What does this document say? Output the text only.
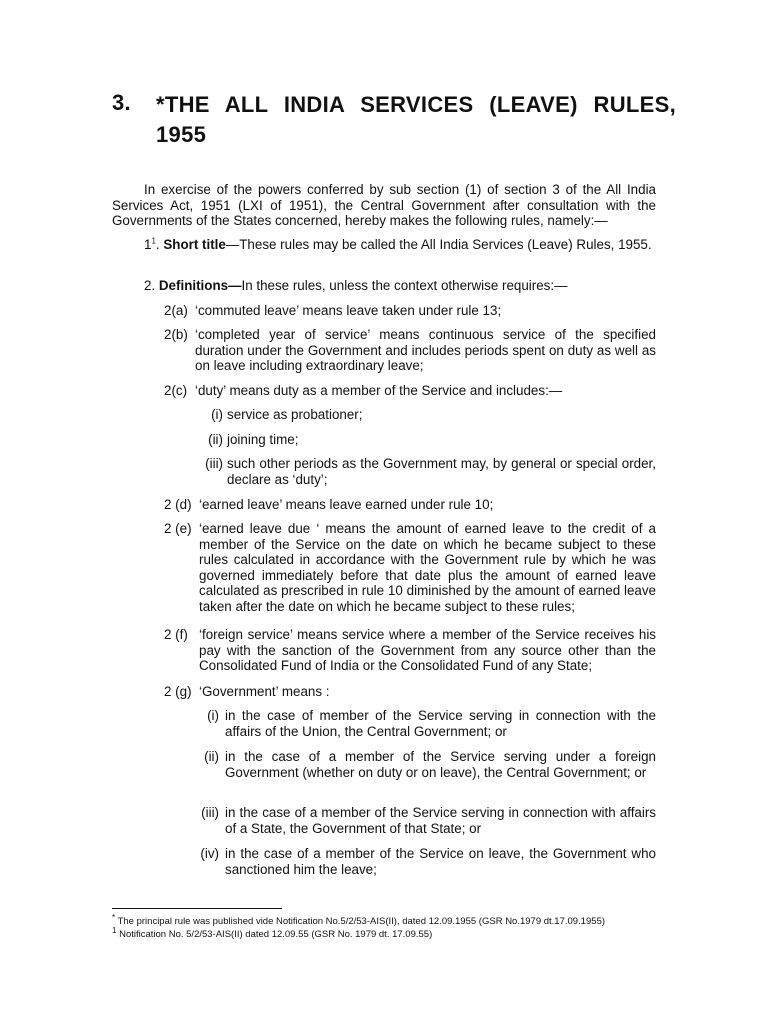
3. *THE ALL INDIA SERVICES (LEAVE) RULES, 1955
In exercise of the powers conferred by sub section (1) of section 3 of the All India Services Act, 1951 (LXI of 1951), the Central Government after consultation with the Governments of the States concerned, hereby makes the following rules, namely:—
$1^1$. Short title—These rules may be called the All India Services (Leave) Rules, 1955.
2. Definitions—In these rules, unless the context otherwise requires:—
2(a) ‘commuted leave’ means leave taken under rule 13;
2(b) ‘completed year of service’ means continuous service of the specified duration under the Government and includes periods spent on duty as well as on leave including extraordinary leave;
2(c) ‘duty’ means duty as a member of the Service and includes:—
(i) service as probationer;
(ii) joining time;
(iii) such other periods as the Government may, by general or special order, declare as ‘duty’;
2 (d) ‘earned leave’ means leave earned under rule 10;
2 (e) ‘earned leave due ‘ means the amount of earned leave to the credit of a member of the Service on the date on which he became subject to these rules calculated in accordance with the Government rule by which he was governed immediately before that date plus the amount of earned leave calculated as prescribed in rule 10 diminished by the amount of earned leave taken after the date on which he became subject to these rules;
2 (f) ‘foreign service’ means service where a member of the Service receives his pay with the sanction of the Government from any source other than the Consolidated Fund of India or the Consolidated Fund of any State;
2 (g) ‘Government’ means :
(i) in the case of member of the Service serving in connection with the affairs of the Union, the Central Government; or
(ii) in the case of a member of the Service serving under a foreign Government (whether on duty or on leave), the Central Government; or
(iii) in the case of a member of the Service serving in connection with affairs of a State, the Government of that State; or
(iv) in the case of a member of the Service on leave, the Government who sanctioned him the leave;
* The principal rule was published vide Notification No.5/2/53-AIS(II), dated 12.09.1955 (GSR No.1979 dt.17.09.1955)
$^1$ Notification No. 5/2/53-AIS(II) dated 12.09.55 (GSR No. 1979 dt. 17.09.55)
